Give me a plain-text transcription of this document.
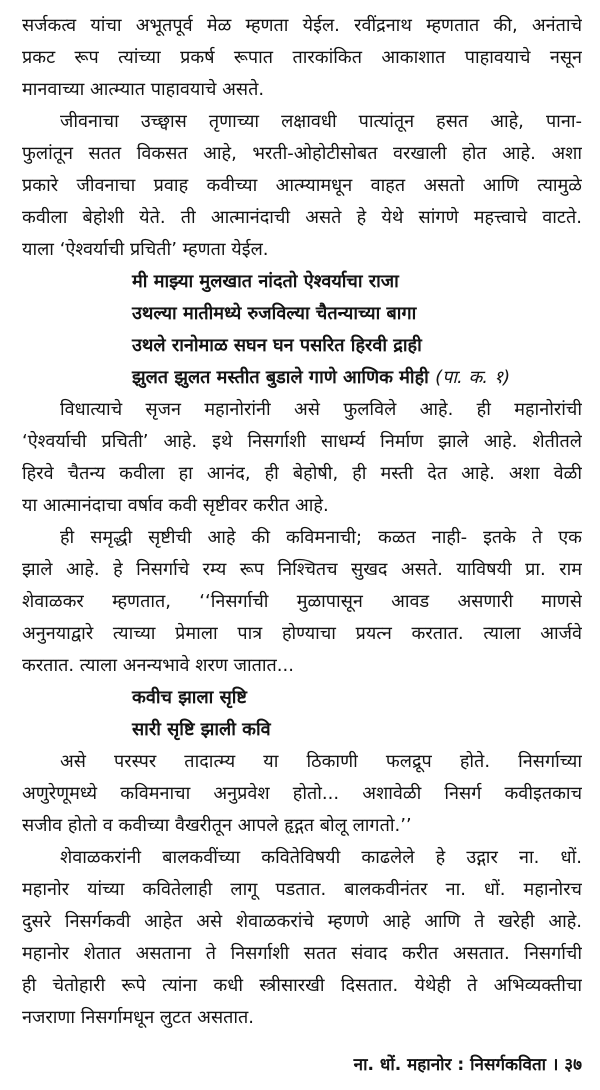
सर्जकत्व यांचा अभूतपूर्व मेळ म्हणता येईल. रवींद्रनाथ म्हणतात की, अनंताचे
प्रकट रूप त्यांच्या प्रकर्ष रूपात तारकांकित आकाशात पाहावयाचे नसून
मानवाच्या आत्म्यात पाहावयाचे असते.
जीवनाचा उच्छ्वास तृणाच्या लक्षावधी पात्यांतून हसत आहे, पाना-
फुलांतून सतत विकसत आहे, भरती-ओहोटीसोबत वरखाली होत आहे. अशा
प्रकारे जीवनाचा प्रवाह कवीच्या आत्म्यामधून वाहत असतो आणि त्यामुळे
कवीला बेहोशी येते. ती आत्मानंदाची असते हे येथे सांगणे महत्त्वाचे वाटते.
याला ‘ऐश्वर्याची प्रचिती’ म्हणता येईल.
मी माझ्या मुलखात नांदतो ऐश्वर्याचा राजा
उथल्या मातीमध्ये रुजविल्या चैतन्याच्या बागा
उथले रानोमाळ सघन घन पसरित हिरवी द्राही
झुलत झुलत मस्तीत बुडाले गाणे आणिक मीही (पा. क. १)
विधात्याचे सृजन महानोरांनी असे फुलविले आहे. ही महानोरांची
‘ऐश्वर्याची प्रचिती’ आहे. इथे निसर्गाशी साधर्म्य निर्माण झाले आहे. शेतीतले
हिरवे चैतन्य कवीला हा आनंद, ही बेहोषी, ही मस्ती देत आहे. अशा वेळी
या आत्मानंदाचा वर्षाव कवी सृष्टीवर करीत आहे.
ही समृद्धी सृष्टीची आहे की कविमनाची; कळत नाही- इतके ते एक
झाले आहे. हे निसर्गाचे रम्य रूप निश्चितच सुखद असते. याविषयी प्रा. राम
शेवाळकर म्हणतात, ‘‘निसर्गाची मुळापासून आवड असणारी माणसे
अनुनयाद्वारे त्याच्या प्रेमाला पात्र होण्याचा प्रयत्न करतात. त्याला आर्जवे
करतात. त्याला अनन्यभावे शरण जातात...
कवीच झाला सृष्टि
सारी सृष्टि झाली कवि
असे परस्पर तादात्म्य या ठिकाणी फलद्रूप होते. निसर्गाच्या
अणुरेणूमध्ये कविमनाचा अनुप्रवेश होतो... अशावेळी निसर्ग कवीइतकाच
सजीव होतो व कवीच्या वैखरीतून आपले हृद्गत बोलू लागतो.’’
शेवाळकरांनी बालकवींच्या कवितेविषयी काढलेले हे उद्गार ना. धों.
महानोर यांच्या कवितेलाही लागू पडतात. बालकवीनंतर ना. धों. महानोरच
दुसरे निसर्गकवी आहेत असे शेवाळकरांचे म्हणणे आहे आणि ते खरेही आहे.
महानोर शेतात असताना ते निसर्गाशी सतत संवाद करीत असतात. निसर्गाची
ही चेतोहारी रूपे त्यांना कधी स्त्रीसारखी दिसतात. येथेही ते अभिव्यक्तीचा
नजराणा निसर्गामधून लुटत असतात.
ना. धों. महानोर : निसर्गकविता । ३७
